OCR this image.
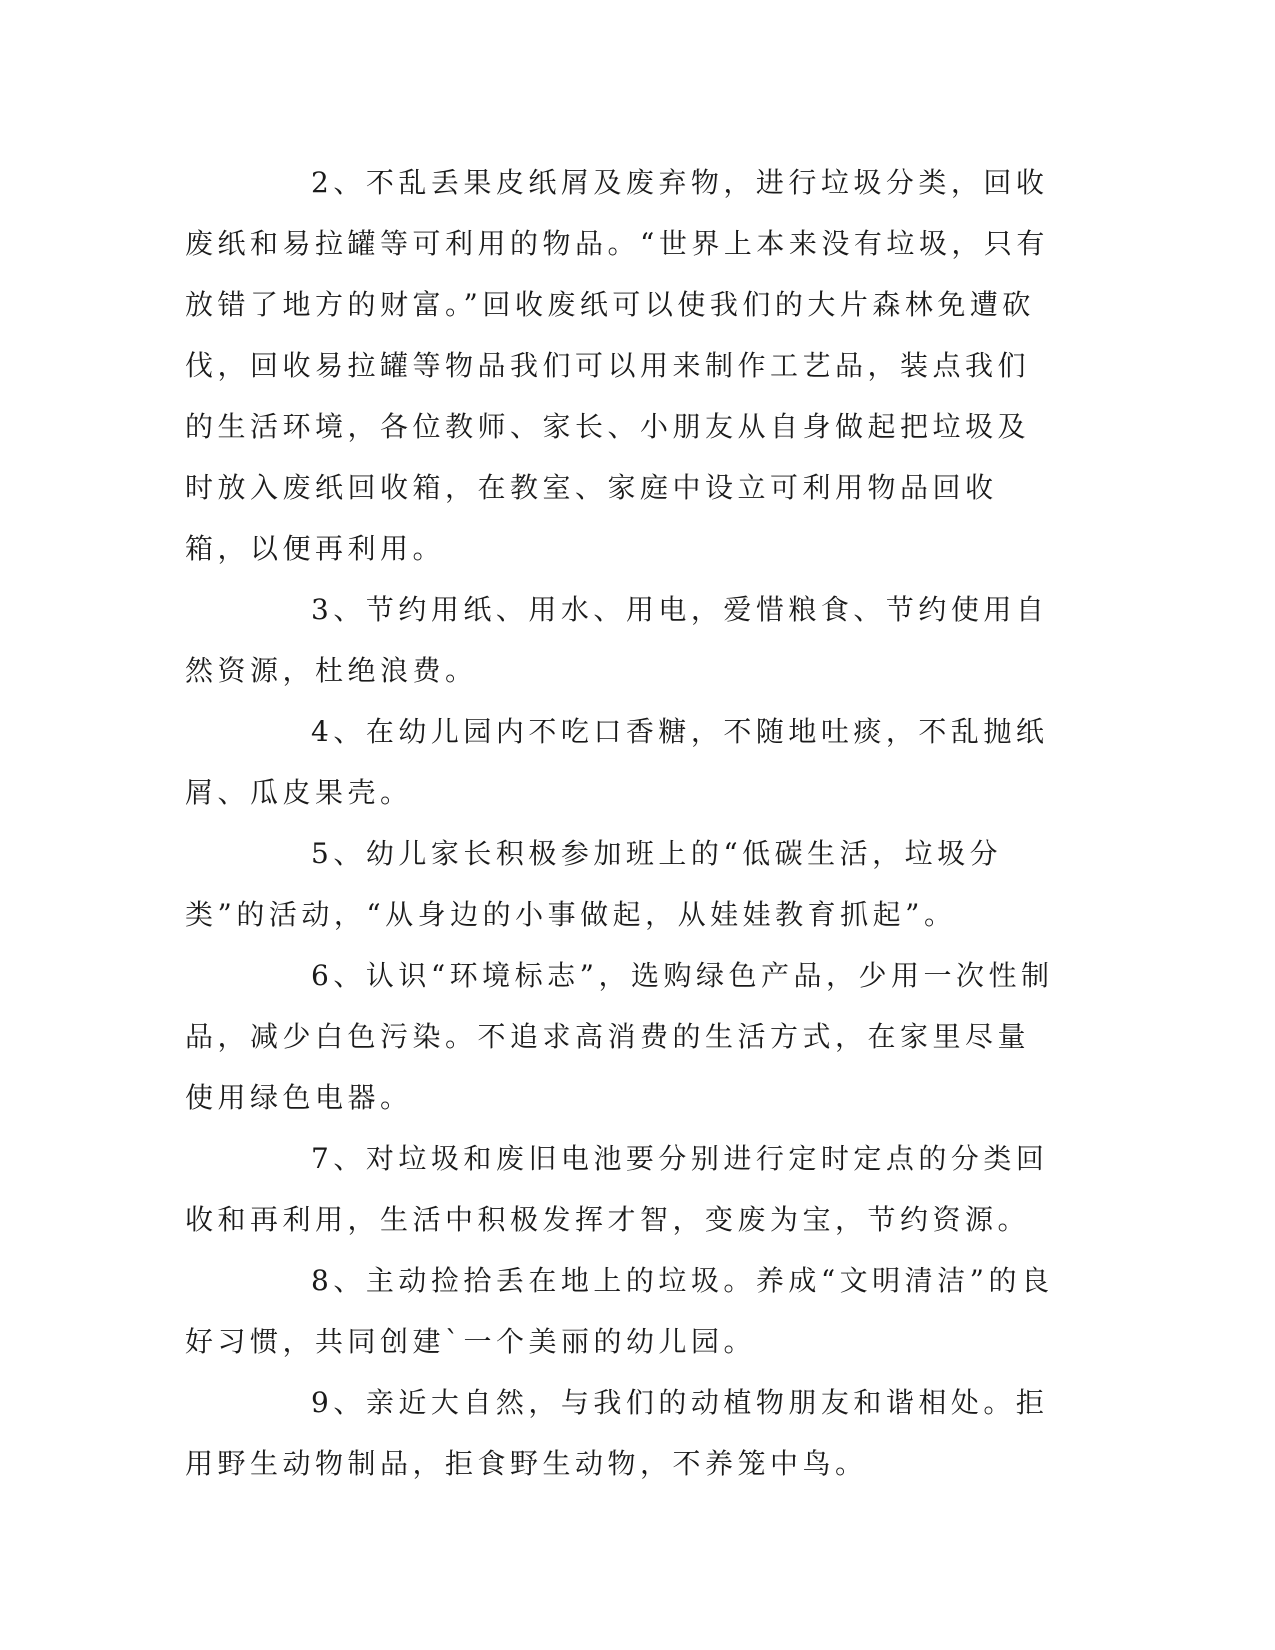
2、不乱丢果皮纸屑及废弃物，进行垃圾分类，回收废纸和易拉罐等可利用的物品。“世界上本来没有垃圾，只有放错了地方的财富。”回收废纸可以使我们的大片森林免遭砍伐，回收易拉罐等物品我们可以用来制作工艺品，装点我们的生活环境，各位教师、家长、小朋友从自身做起把垃圾及时放入废纸回收箱，在教室、家庭中设立可利用物品回收箱，以便再利用。

3、节约用纸、用水、用电，爱惜粮食、节约使用自然资源，杜绝浪费。

4、在幼儿园内不吃口香糖，不随地吐痰，不乱抛纸屑、瓜皮果壳。

5、幼儿家长积极参加班上的“低碳生活，垃圾分类”的活动，“从身边的小事做起，从娃娃教育抓起”。

6、认识“环境标志”，选购绿色产品，少用一次性制品，减少白色污染。不追求高消费的生活方式，在家里尽量使用绿色电器。

7、对垃圾和废旧电池要分别进行定时定点的分类回收和再利用，生活中积极发挥才智，变废为宝，节约资源。

8、主动捡拾丢在地上的垃圾。养成“文明清洁”的良好习惯，共同创建`一个美丽的幼儿园。

9、亲近大自然，与我们的动植物朋友和谐相处。拒用野生动物制品，拒食野生动物，不养笼中鸟。
